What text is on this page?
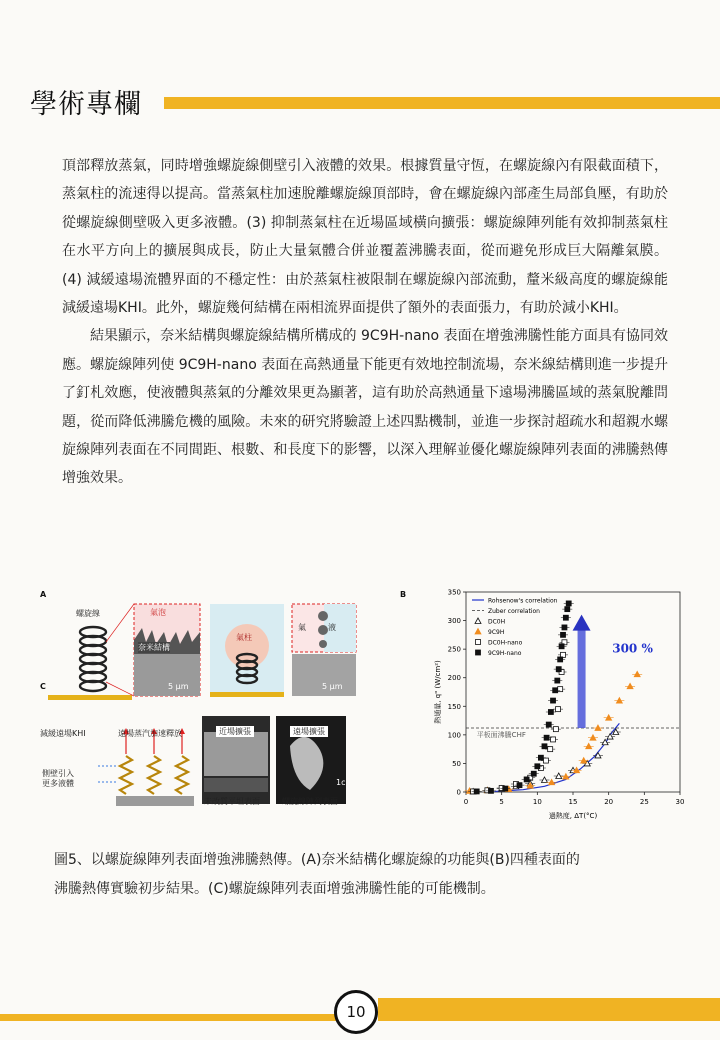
學術專欄

頂部釋放蒸氣，同時增強螺旋線側壁引入液體的效果。根據質量守恆，在螺旋線內有限截面積下，蒸氣柱的流速得以提高。當蒸氣柱加速脫離螺旋線頂部時，會在螺旋線內部產生局部負壓，有助於從螺旋線側壁吸入更多液體。(3) 抑制蒸氣柱在近場區域橫向擴張：螺旋線陣列能有效抑制蒸氣柱在水平方向上的擴展與成長，防止大量氣體合併並覆蓋沸騰表面，從而避免形成巨大隔離氣膜。(4) 減緩遠場流體界面的不穩定性：由於蒸氣柱被限制在螺旋線內部流動，釐米級高度的螺旋線能減緩遠場KHI。此外，螺旋幾何結構在兩相流界面提供了額外的表面張力，有助於減小KHI。

結果顯示，奈米結構與螺旋線結構所構成的 9C9H-nano 表面在增強沸騰性能方面具有協同效應。螺旋線陣列使 9C9H-nano 表面在高熱通量下能更有效地控制流場，奈米線結構則進一步提升了釘札效應，使液體與蒸氣的分離效果更為顯著，這有助於高熱通量下遠場沸騰區域的蒸氣脫離問題，從而降低沸騰危機的風險。未來的研究將驗證上述四點機制，並進一步探討超疏水和超親水螺旋線陣列表面在不同間距、根數、和長度下的影響，以深入理解並優化螺旋線陣列表面的沸騰熱傳增強效果。

A
螺旋線	氣泡
奈米結構
氣柱
氣	液
5 μm	5 μm
C
減緩遠場KHI	遠場蒸汽加速釋放
側壁引入
更多液體
近場擴張	遠場擴張
未改質平坦表面	螺旋線陣列表面
1c
B
0	5	10	15	20	25	30
0
50
100
150
200
250
300
350
過熱度, ΔT(°C)
熱通量, q" (W/cm²)
Rohsenow's correlation
Zuber correlation
DC0H
9C9H
DC0H-nano
9C9H-nano
平板面沸騰CHF
300 %
圖5、以螺旋線陣列表面增強沸騰熱傳。(A)奈米結構化螺旋線的功能與(B)四種表面的
沸騰熱傳實驗初步結果。(C)螺旋線陣列表面增強沸騰性能的可能機制。
10
